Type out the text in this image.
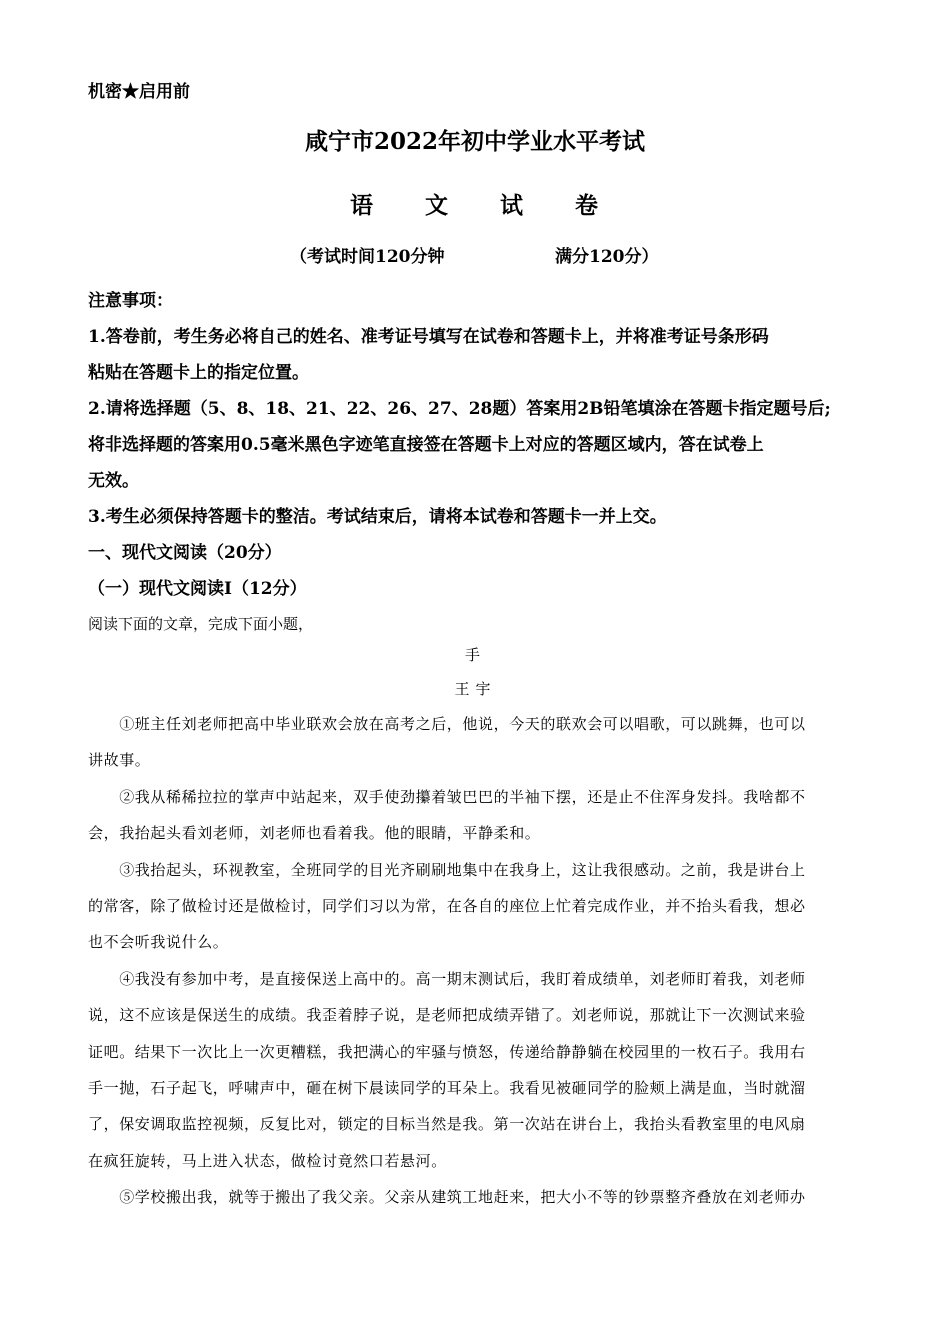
机密★启用前
咸宁市2022年初中学业水平考试
语　　文　　试　　卷
（考试时间120分钟	满分120分）
注意事项：
1.答卷前，考生务必将自己的姓名、准考证号填写在试卷和答题卡上，并将准考证号条形码
粘贴在答题卡上的指定位置。
2.请将选择题（5、8、18、21、22、26、27、28题）答案用2B铅笔填涂在答题卡指定题号后;
将非选择题的答案用0.5毫米黑色字迹笔直接签在答题卡上对应的答题区域内，答在试卷上
无效。
3.考生必须保持答题卡的整洁。考试结束后，请将本试卷和答题卡一并上交。
一、现代文阅读（20分）
（一）现代文阅读Ⅰ（12分）
阅读下面的文章，完成下面小题，
手
王宇
　　①班主任刘老师把高中毕业联欢会放在高考之后，他说，今天的联欢会可以唱歌，可以跳舞，也可以
讲故事。
　　②我从稀稀拉拉的掌声中站起来，双手使劲攥着皱巴巴的半袖下摆，还是止不住浑身发抖。我啥都不
会，我抬起头看刘老师，刘老师也看着我。他的眼睛，平静柔和。
　　③我抬起头，环视教室，全班同学的目光齐刷刷地集中在我身上，这让我很感动。之前，我是讲台上
的常客，除了做检讨还是做检讨，同学们习以为常，在各自的座位上忙着完成作业，并不抬头看我，想必
也不会听我说什么。
　　④我没有参加中考，是直接保送上高中的。高一期末测试后，我盯着成绩单，刘老师盯着我，刘老师
说，这不应该是保送生的成绩。我歪着脖子说，是老师把成绩弄错了。刘老师说，那就让下一次测试来验
证吧。结果下一次比上一次更糟糕，我把满心的牢骚与愤怒，传递给静静躺在校园里的一枚石子。我用右
手一抛，石子起飞，呼啸声中，砸在树下晨读同学的耳朵上。我看见被砸同学的脸颊上满是血，当时就溜
了，保安调取监控视频，反复比对，锁定的目标当然是我。第一次站在讲台上，我抬头看教室里的电风扇
在疯狂旋转，马上进入状态，做检讨竟然口若悬河。
　　⑤学校搬出我，就等于搬出了我父亲。父亲从建筑工地赶来，把大小不等的钞票整齐叠放在刘老师办
